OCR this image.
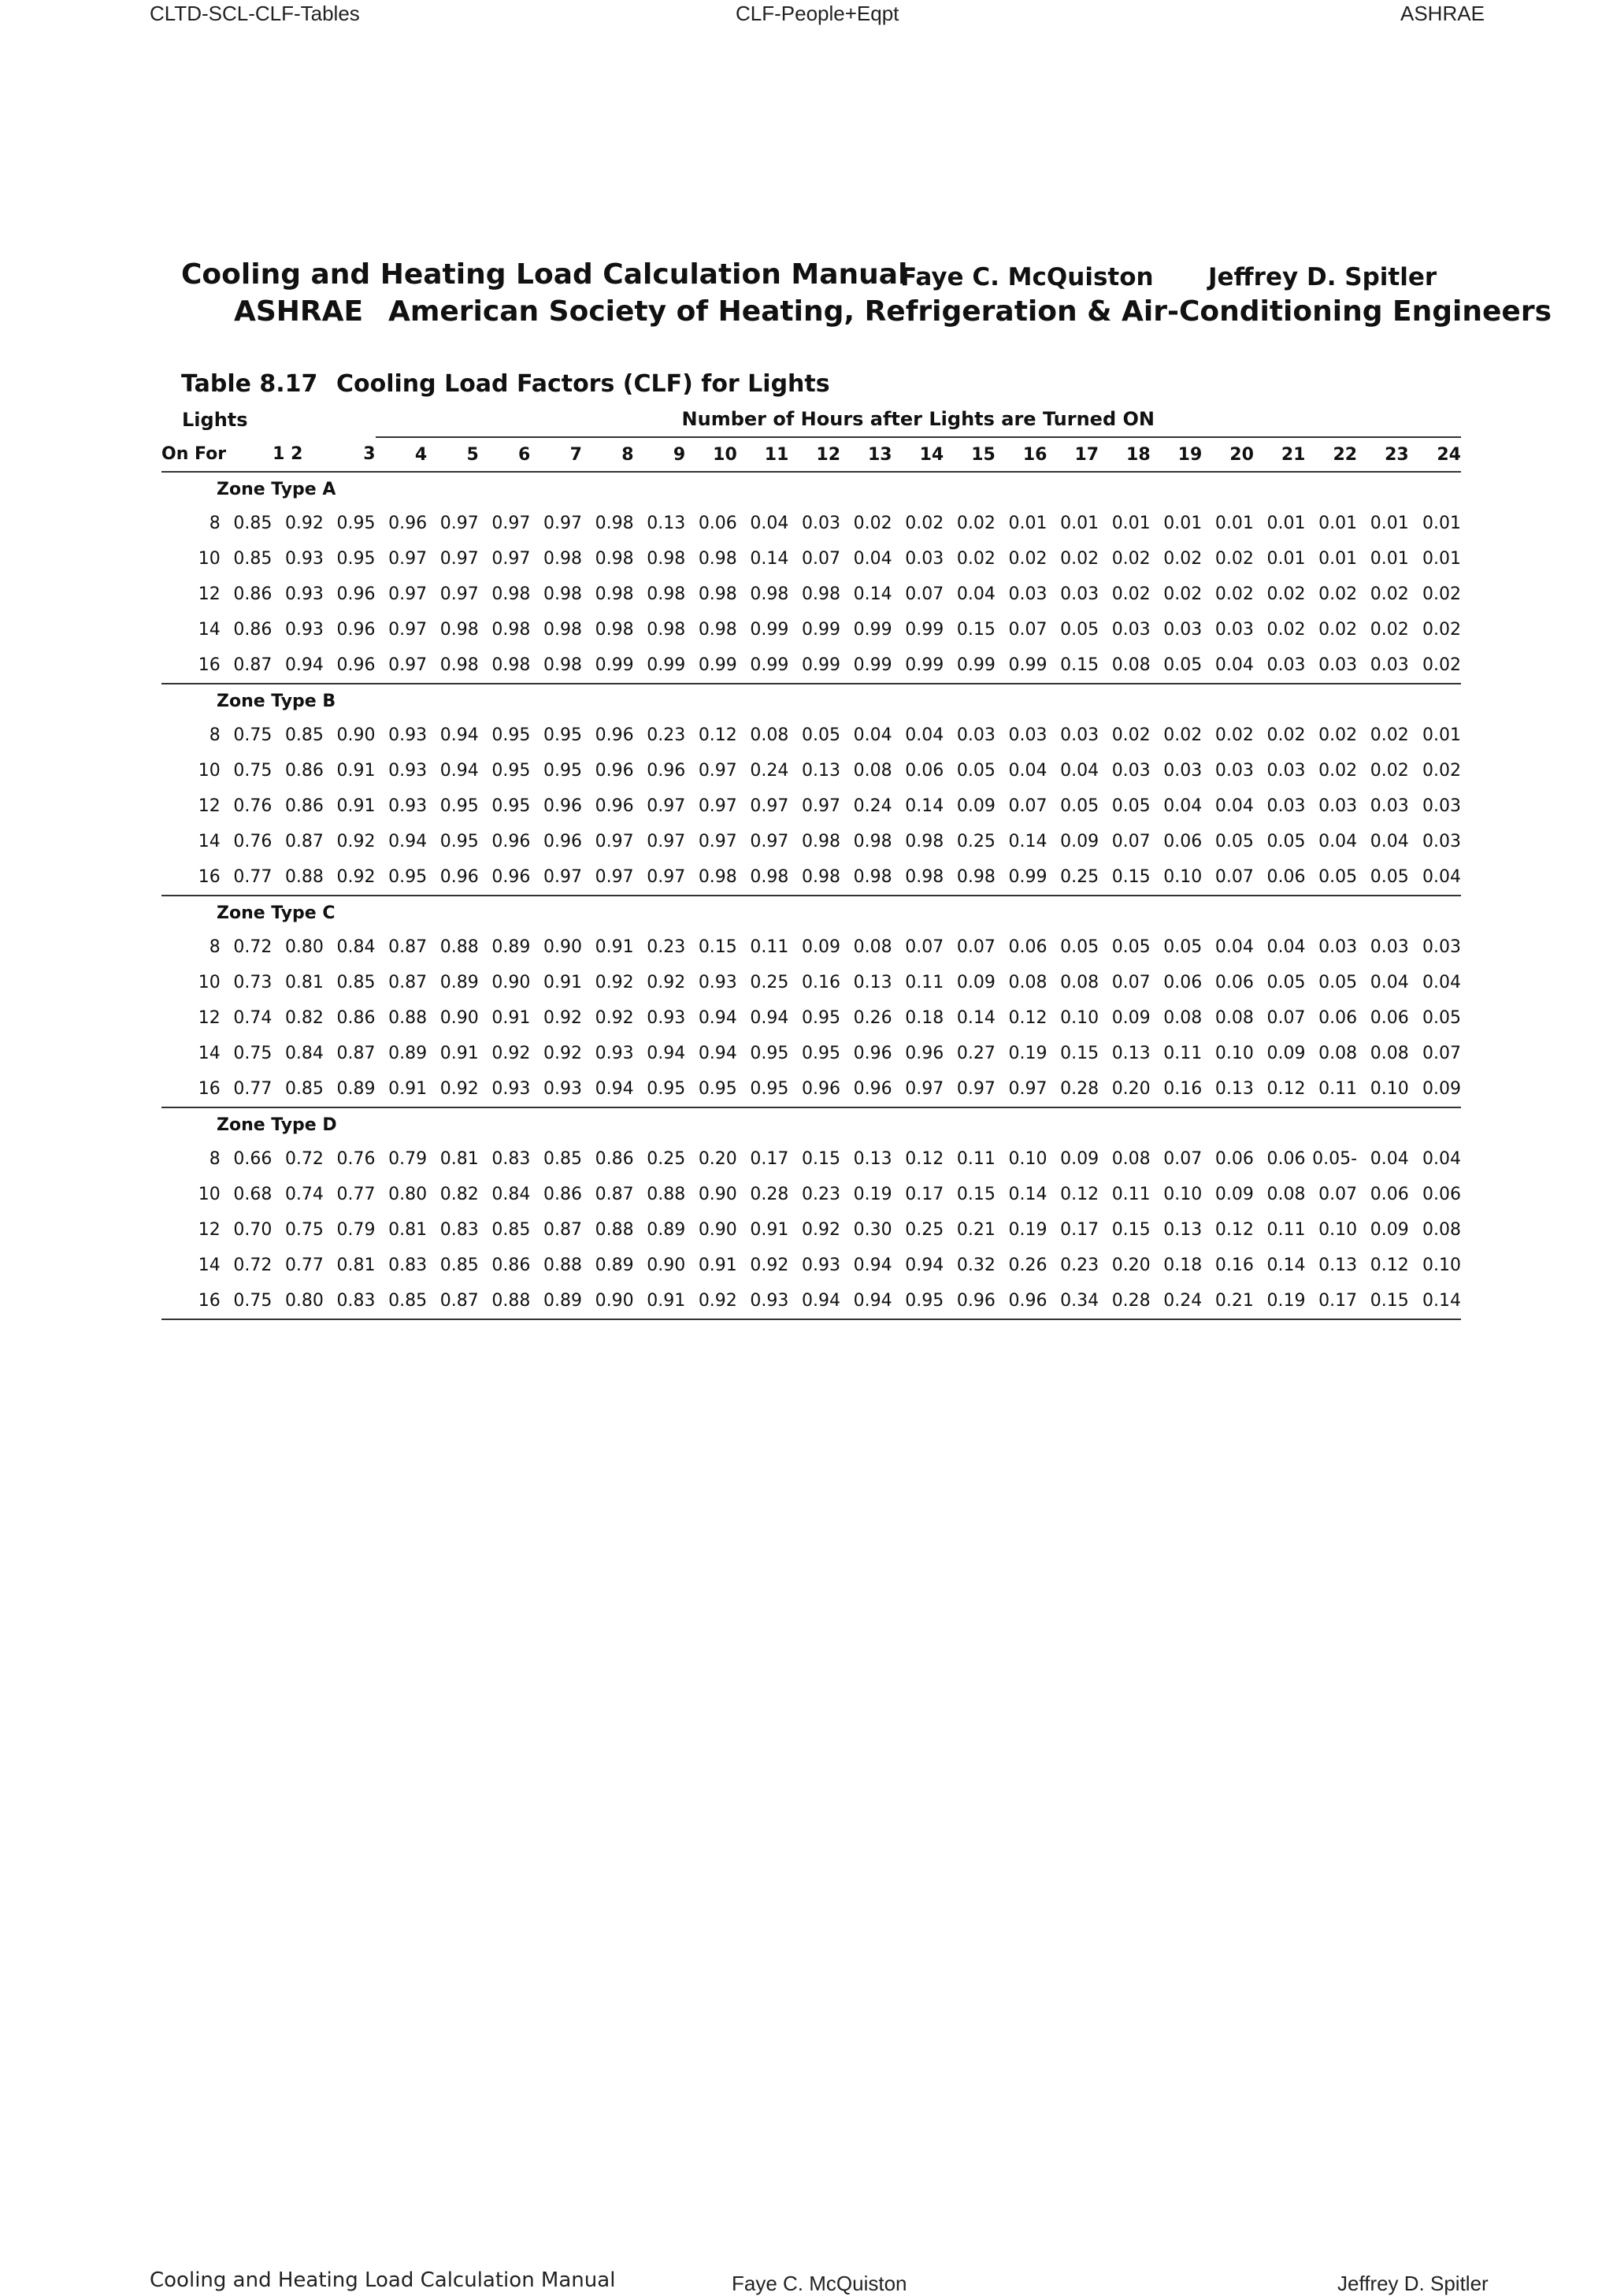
CLTD-SCL-CLF-Tables	CLF-People+Eqpt	ASHRAE
Cooling and Heating Load Calculation Manual
Faye C. McQuiston Jeffrey D. Spitler
ASHRAE American Society of Heating, Refrigeration & Air-Conditioning Engineers
Table 8.17 Cooling Load Factors (CLF) for Lights
Lights				Number of Hours after Lights are Turned ON																				
On For	1 2		3	4	5	6	7	8	9	10	11	12	13	14	15	16	17	18	19	20	21	22	23	24
Zone Type A																								
8	0.85	0.92	0.95	0.96	0.97	0.97	0.97	0.98	0.13	0.06	0.04	0.03	0.02	0.02	0.02	0.01	0.01	0.01	0.01	0.01	0.01	0.01	0.01	0.01
10	0.85	0.93	0.95	0.97	0.97	0.97	0.98	0.98	0.98	0.98	0.14	0.07	0.04	0.03	0.02	0.02	0.02	0.02	0.02	0.02	0.01	0.01	0.01	0.01
12	0.86	0.93	0.96	0.97	0.97	0.98	0.98	0.98	0.98	0.98	0.98	0.98	0.14	0.07	0.04	0.03	0.03	0.02	0.02	0.02	0.02	0.02	0.02	0.02
14	0.86	0.93	0.96	0.97	0.98	0.98	0.98	0.98	0.98	0.98	0.99	0.99	0.99	0.99	0.15	0.07	0.05	0.03	0.03	0.03	0.02	0.02	0.02	0.02
16	0.87	0.94	0.96	0.97	0.98	0.98	0.98	0.99	0.99	0.99	0.99	0.99	0.99	0.99	0.99	0.99	0.15	0.08	0.05	0.04	0.03	0.03	0.03	0.02
Zone Type B																								
8	0.75	0.85	0.90	0.93	0.94	0.95	0.95	0.96	0.23	0.12	0.08	0.05	0.04	0.04	0.03	0.03	0.03	0.02	0.02	0.02	0.02	0.02	0.02	0.01
10	0.75	0.86	0.91	0.93	0.94	0.95	0.95	0.96	0.96	0.97	0.24	0.13	0.08	0.06	0.05	0.04	0.04	0.03	0.03	0.03	0.03	0.02	0.02	0.02
12	0.76	0.86	0.91	0.93	0.95	0.95	0.96	0.96	0.97	0.97	0.97	0.97	0.24	0.14	0.09	0.07	0.05	0.05	0.04	0.04	0.03	0.03	0.03	0.03
14	0.76	0.87	0.92	0.94	0.95	0.96	0.96	0.97	0.97	0.97	0.97	0.98	0.98	0.98	0.25	0.14	0.09	0.07	0.06	0.05	0.05	0.04	0.04	0.03
16	0.77	0.88	0.92	0.95	0.96	0.96	0.97	0.97	0.97	0.98	0.98	0.98	0.98	0.98	0.98	0.99	0.25	0.15	0.10	0.07	0.06	0.05	0.05	0.04
Zone Type C																								
8	0.72	0.80	0.84	0.87	0.88	0.89	0.90	0.91	0.23	0.15	0.11	0.09	0.08	0.07	0.07	0.06	0.05	0.05	0.05	0.04	0.04	0.03	0.03	0.03
10	0.73	0.81	0.85	0.87	0.89	0.90	0.91	0.92	0.92	0.93	0.25	0.16	0.13	0.11	0.09	0.08	0.08	0.07	0.06	0.06	0.05	0.05	0.04	0.04
12	0.74	0.82	0.86	0.88	0.90	0.91	0.92	0.92	0.93	0.94	0.94	0.95	0.26	0.18	0.14	0.12	0.10	0.09	0.08	0.08	0.07	0.06	0.06	0.05
14	0.75	0.84	0.87	0.89	0.91	0.92	0.92	0.93	0.94	0.94	0.95	0.95	0.96	0.96	0.27	0.19	0.15	0.13	0.11	0.10	0.09	0.08	0.08	0.07
16	0.77	0.85	0.89	0.91	0.92	0.93	0.93	0.94	0.95	0.95	0.95	0.96	0.96	0.97	0.97	0.97	0.28	0.20	0.16	0.13	0.12	0.11	0.10	0.09
Zone Type D																								
8	0.66	0.72	0.76	0.79	0.81	0.83	0.85	0.86	0.25	0.20	0.17	0.15	0.13	0.12	0.11	0.10	0.09	0.08	0.07	0.06	0.06	0.05-	0.04	0.04
10	0.68	0.74	0.77	0.80	0.82	0.84	0.86	0.87	0.88	0.90	0.28	0.23	0.19	0.17	0.15	0.14	0.12	0.11	0.10	0.09	0.08	0.07	0.06	0.06
12	0.70	0.75	0.79	0.81	0.83	0.85	0.87	0.88	0.89	0.90	0.91	0.92	0.30	0.25	0.21	0.19	0.17	0.15	0.13	0.12	0.11	0.10	0.09	0.08
14	0.72	0.77	0.81	0.83	0.85	0.86	0.88	0.89	0.90	0.91	0.92	0.93	0.94	0.94	0.32	0.26	0.23	0.20	0.18	0.16	0.14	0.13	0.12	0.10
16	0.75	0.80	0.83	0.85	0.87	0.88	0.89	0.90	0.91	0.92	0.93	0.94	0.94	0.95	0.96	0.96	0.34	0.28	0.24	0.21	0.19	0.17	0.15	0.14
Cooling and Heating Load Calculation Manual	Faye C. McQuiston	Jeffrey D. Spitler
